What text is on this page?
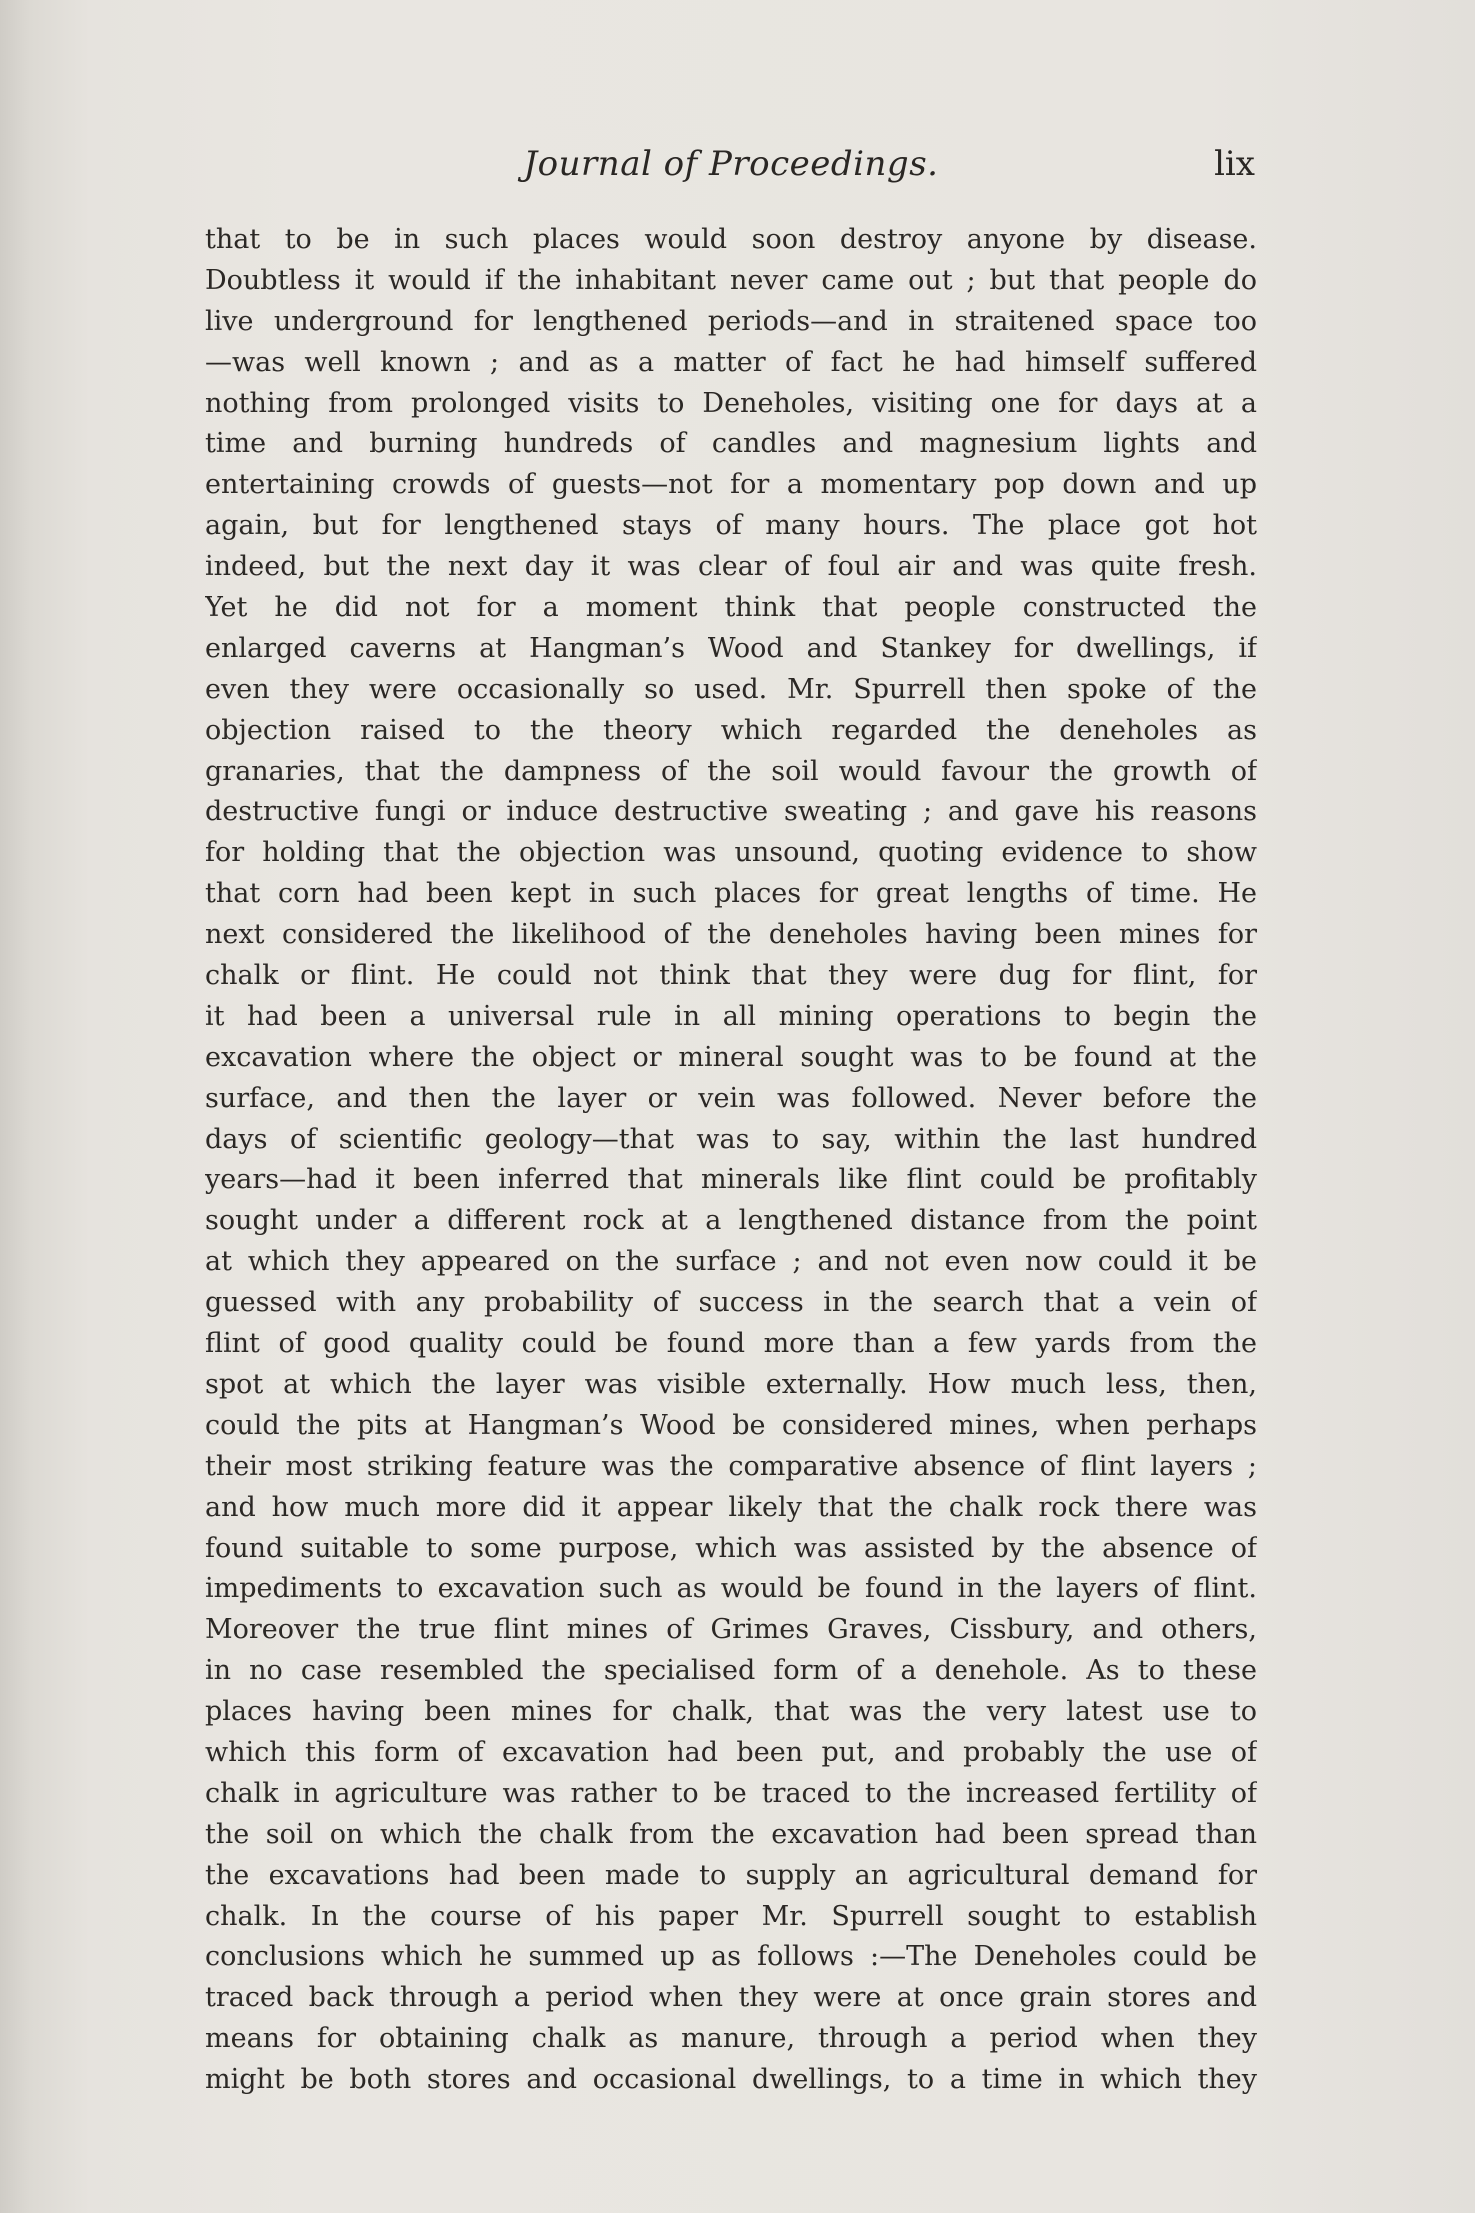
Journal of Proceedings.	lix
that to be in such places would soon destroy anyone by disease.
Doubtless it would if the inhabitant never came out ; but that people do
live underground for lengthened periods—and in straitened space too
—was well known ; and as a matter of fact he had himself suffered
nothing from prolonged visits to Deneholes, visiting one for days at a
time and burning hundreds of candles and magnesium lights and
entertaining crowds of guests—not for a momentary pop down and up
again, but for lengthened stays of many hours. The place got hot
indeed, but the next day it was clear of foul air and was quite fresh.
Yet he did not for a moment think that people constructed the
enlarged caverns at Hangman’s Wood and Stankey for dwellings, if
even they were occasionally so used. Mr. Spurrell then spoke of the
objection raised to the theory which regarded the deneholes as
granaries, that the dampness of the soil would favour the growth of
destructive fungi or induce destructive sweating ; and gave his reasons
for holding that the objection was unsound, quoting evidence to show
that corn had been kept in such places for great lengths of time. He
next considered the likelihood of the deneholes having been mines for
chalk or flint. He could not think that they were dug for flint, for
it had been a universal rule in all mining operations to begin the
excavation where the object or mineral sought was to be found at the
surface, and then the layer or vein was followed. Never before the
days of scientific geology—that was to say, within the last hundred
years—had it been inferred that minerals like flint could be profitably
sought under a different rock at a lengthened distance from the point
at which they appeared on the surface ; and not even now could it be
guessed with any probability of success in the search that a vein of
flint of good quality could be found more than a few yards from the
spot at which the layer was visible externally. How much less, then,
could the pits at Hangman’s Wood be considered mines, when perhaps
their most striking feature was the comparative absence of flint layers ;
and how much more did it appear likely that the chalk rock there was
found suitable to some purpose, which was assisted by the absence of
impediments to excavation such as would be found in the layers of flint.
Moreover the true flint mines of Grimes Graves, Cissbury, and others,
in no case resembled the specialised form of a denehole. As to these
places having been mines for chalk, that was the very latest use to
which this form of excavation had been put, and probably the use of
chalk in agriculture was rather to be traced to the increased fertility of
the soil on which the chalk from the excavation had been spread than
the excavations had been made to supply an agricultural demand for
chalk. In the course of his paper Mr. Spurrell sought to establish
conclusions which he summed up as follows :—The Deneholes could be
traced back through a period when they were at once grain stores and
means for obtaining chalk as manure, through a period when they
might be both stores and occasional dwellings, to a time in which they
